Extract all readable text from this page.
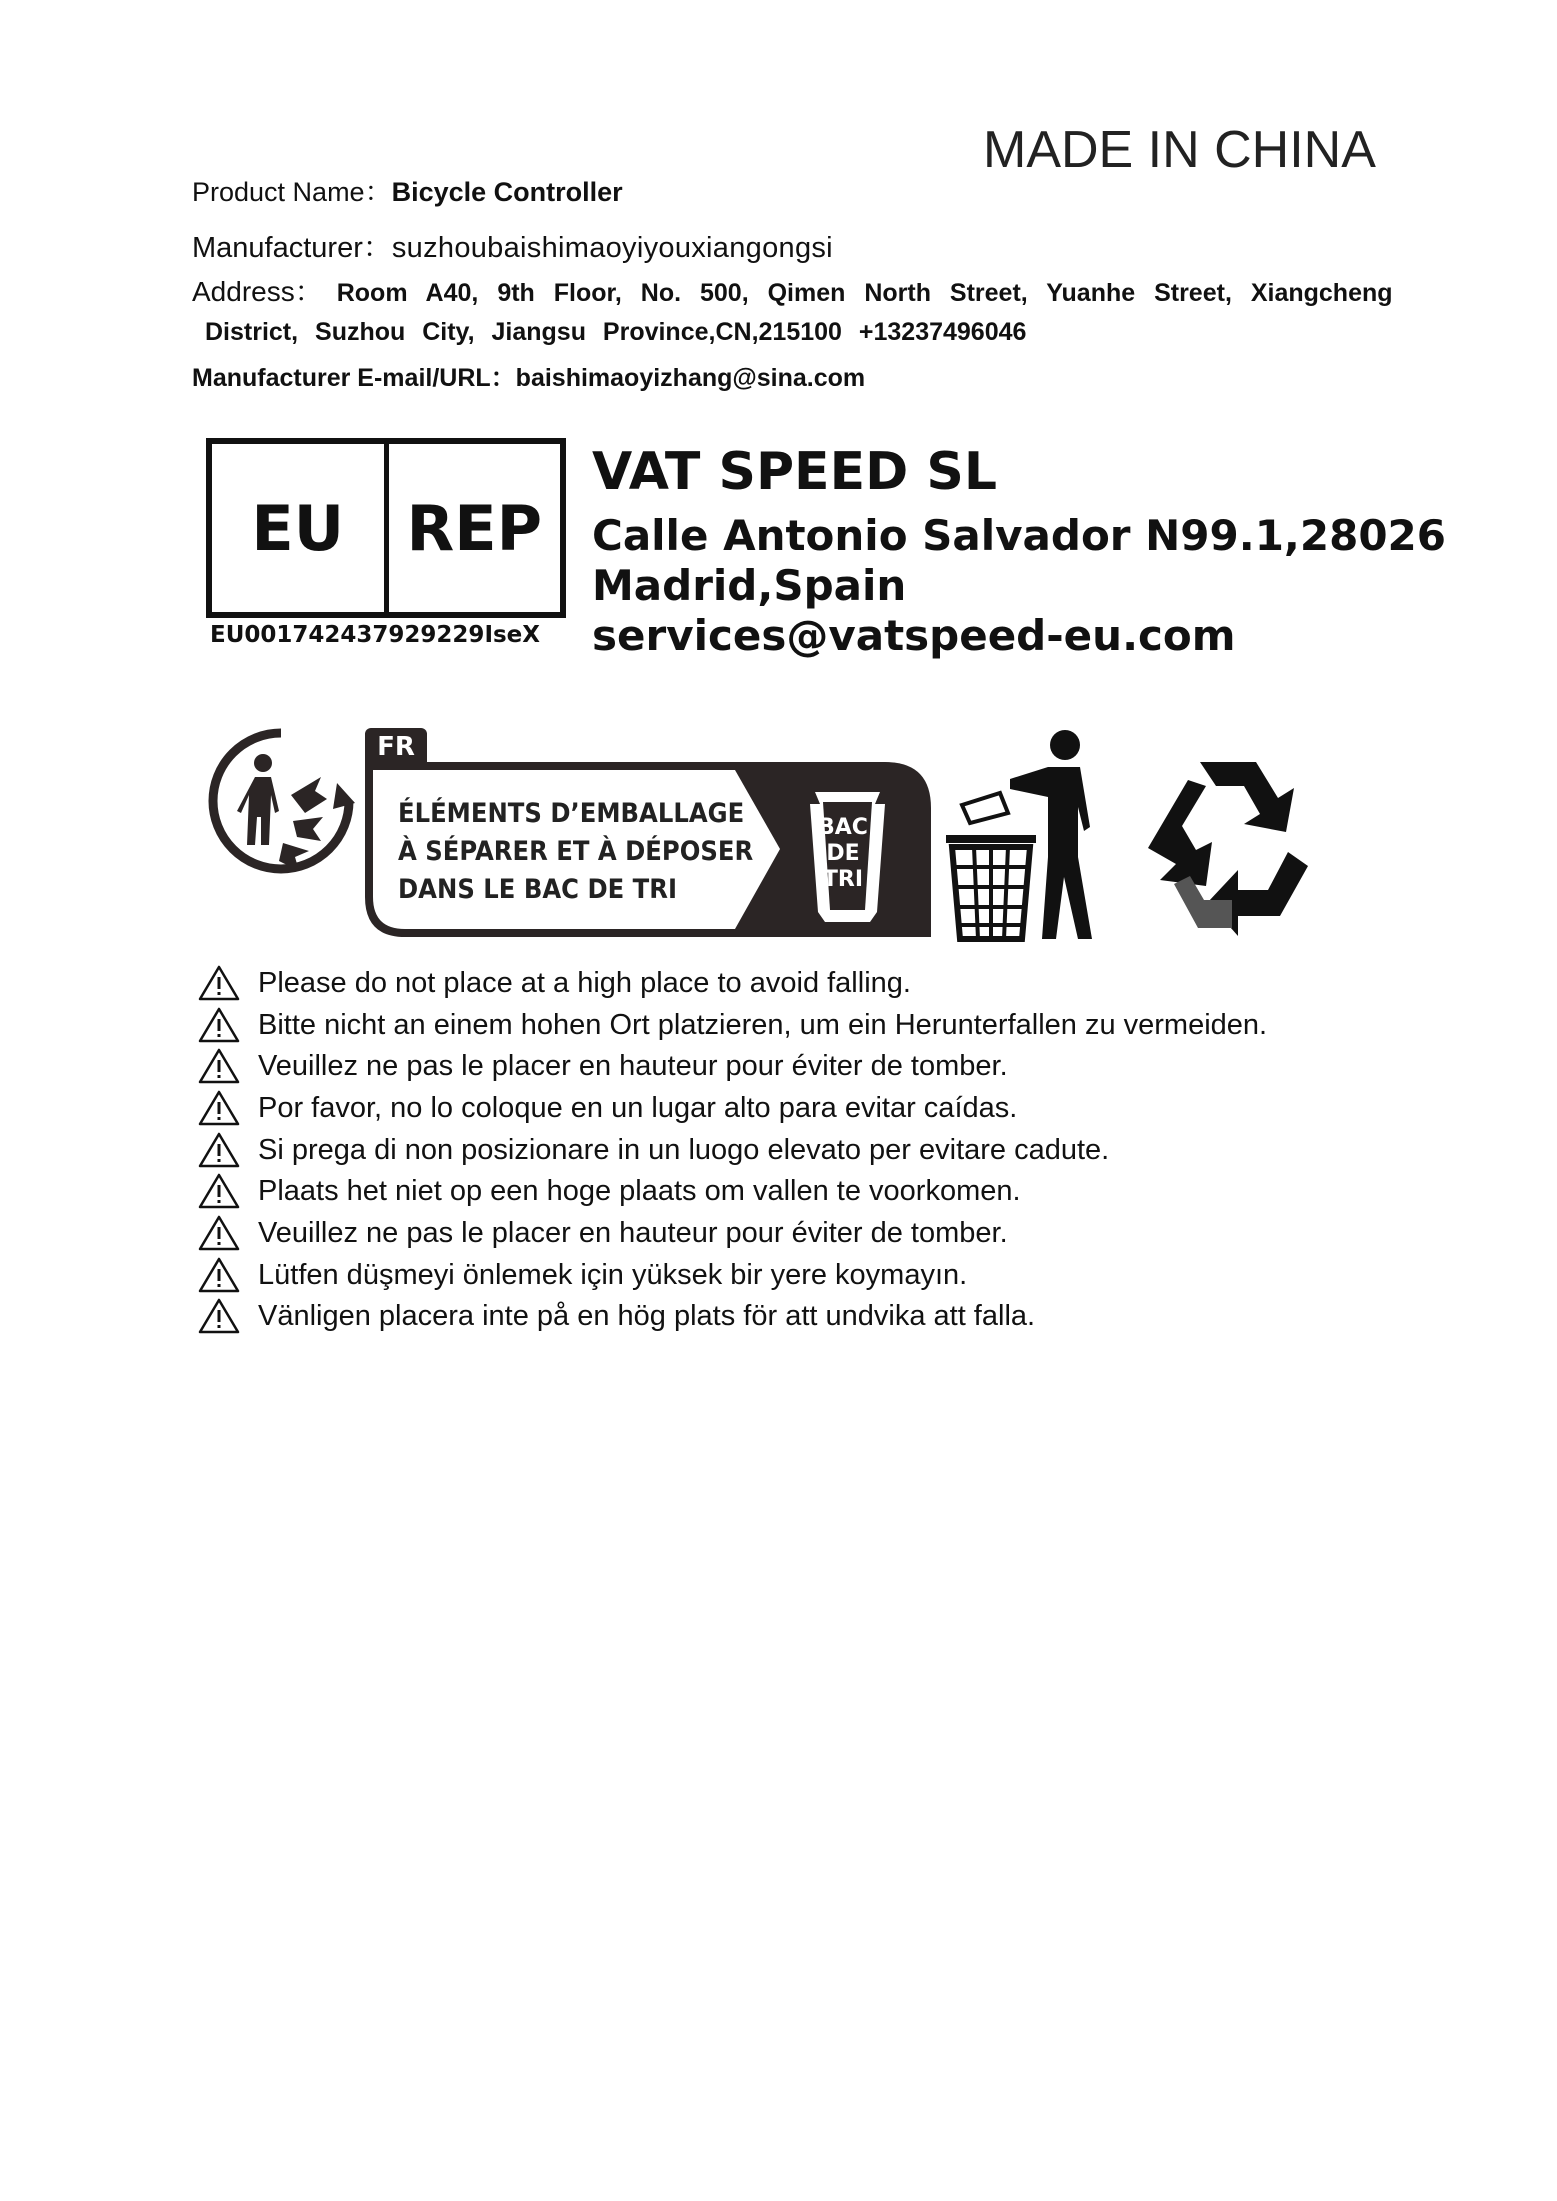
MADE IN CHINA
Product Name：Bicycle Controller
Manufacturer：suzhoubaishimaoyiyouxiangongsi
Address： Room A40, 9th Floor, No. 500, Qimen North Street, Yuanhe Street, Xiangcheng
District, Suzhou City, Jiangsu Province,CN,215100 +13237496046
Manufacturer E-mail/URL：baishimaoyizhang@sina.com
EU	REP
EU001742437929229IseX
VAT SPEED SL
Calle Antonio Salvador N99.1,28026
Madrid,Spain
services@vatspeed-eu.com
FR
ÉLÉMENTS D’EMBALLAGE
À SÉPARER ET À DÉPOSER
DANS LE BAC DE TRI
BAC
DE
TRI
Please do not place at a high place to avoid falling.
Bitte nicht an einem hohen Ort platzieren, um ein Herunterfallen zu vermeiden.
Veuillez ne pas le placer en hauteur pour éviter de tomber.
Por favor, no lo coloque en un lugar alto para evitar caídas.
Si prega di non posizionare in un luogo elevato per evitare cadute.
Plaats het niet op een hoge plaats om vallen te voorkomen.
Veuillez ne pas le placer en hauteur pour éviter de tomber.
Lütfen düşmeyi önlemek için yüksek bir yere koymayın.
Vänligen placera inte på en hög plats för att undvika att falla.
